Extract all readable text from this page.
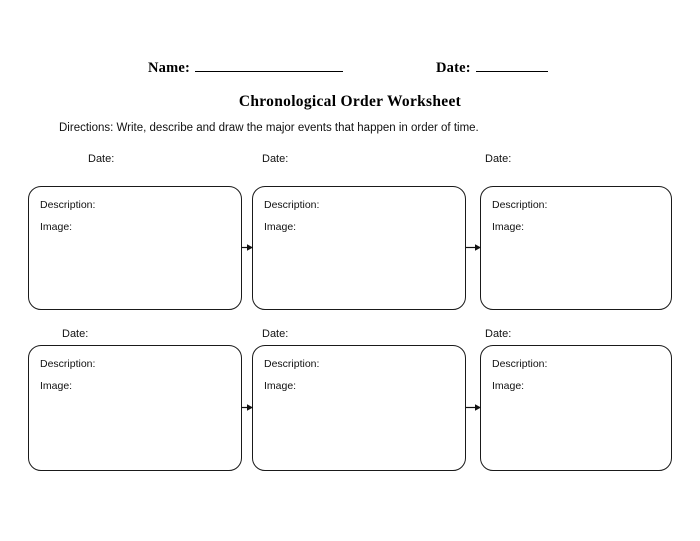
Name:	Date:
Chronological Order Worksheet
Directions: Write, describe and draw the major events that happen in order of time.
Date:	Date:	Date:
Description:
Image:
Description:
Image:
Description:
Image:
Date:	Date:	Date:
Description:
Image:
Description:
Image:
Description:
Image:
